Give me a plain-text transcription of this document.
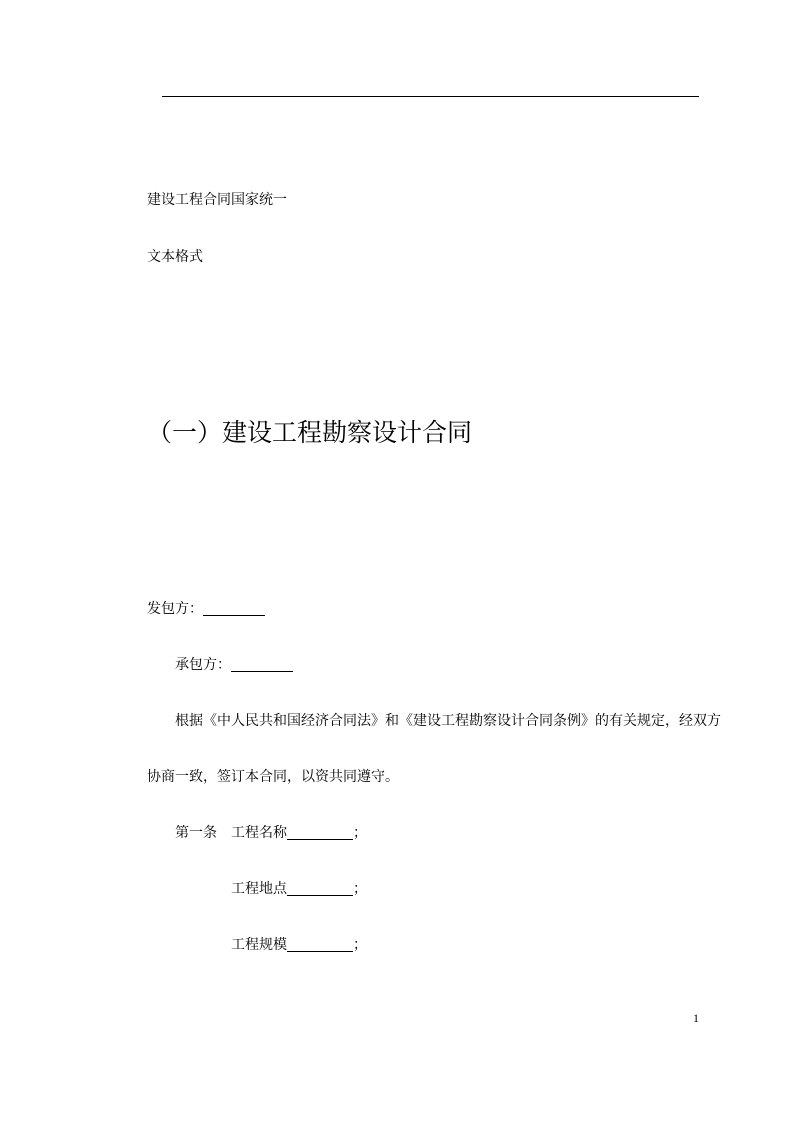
建设工程合同国家统一
文本格式
（一）建设工程勘察设计合同
发包方：
承包方：
根据《中人民共和国经济合同法》和《建设工程勘察设计合同条例》的有关规定，经双方
协商一致，签订本合同，以资共同遵守。
第一条 工程名称	；
工程地点	；
工程规模	；
1
